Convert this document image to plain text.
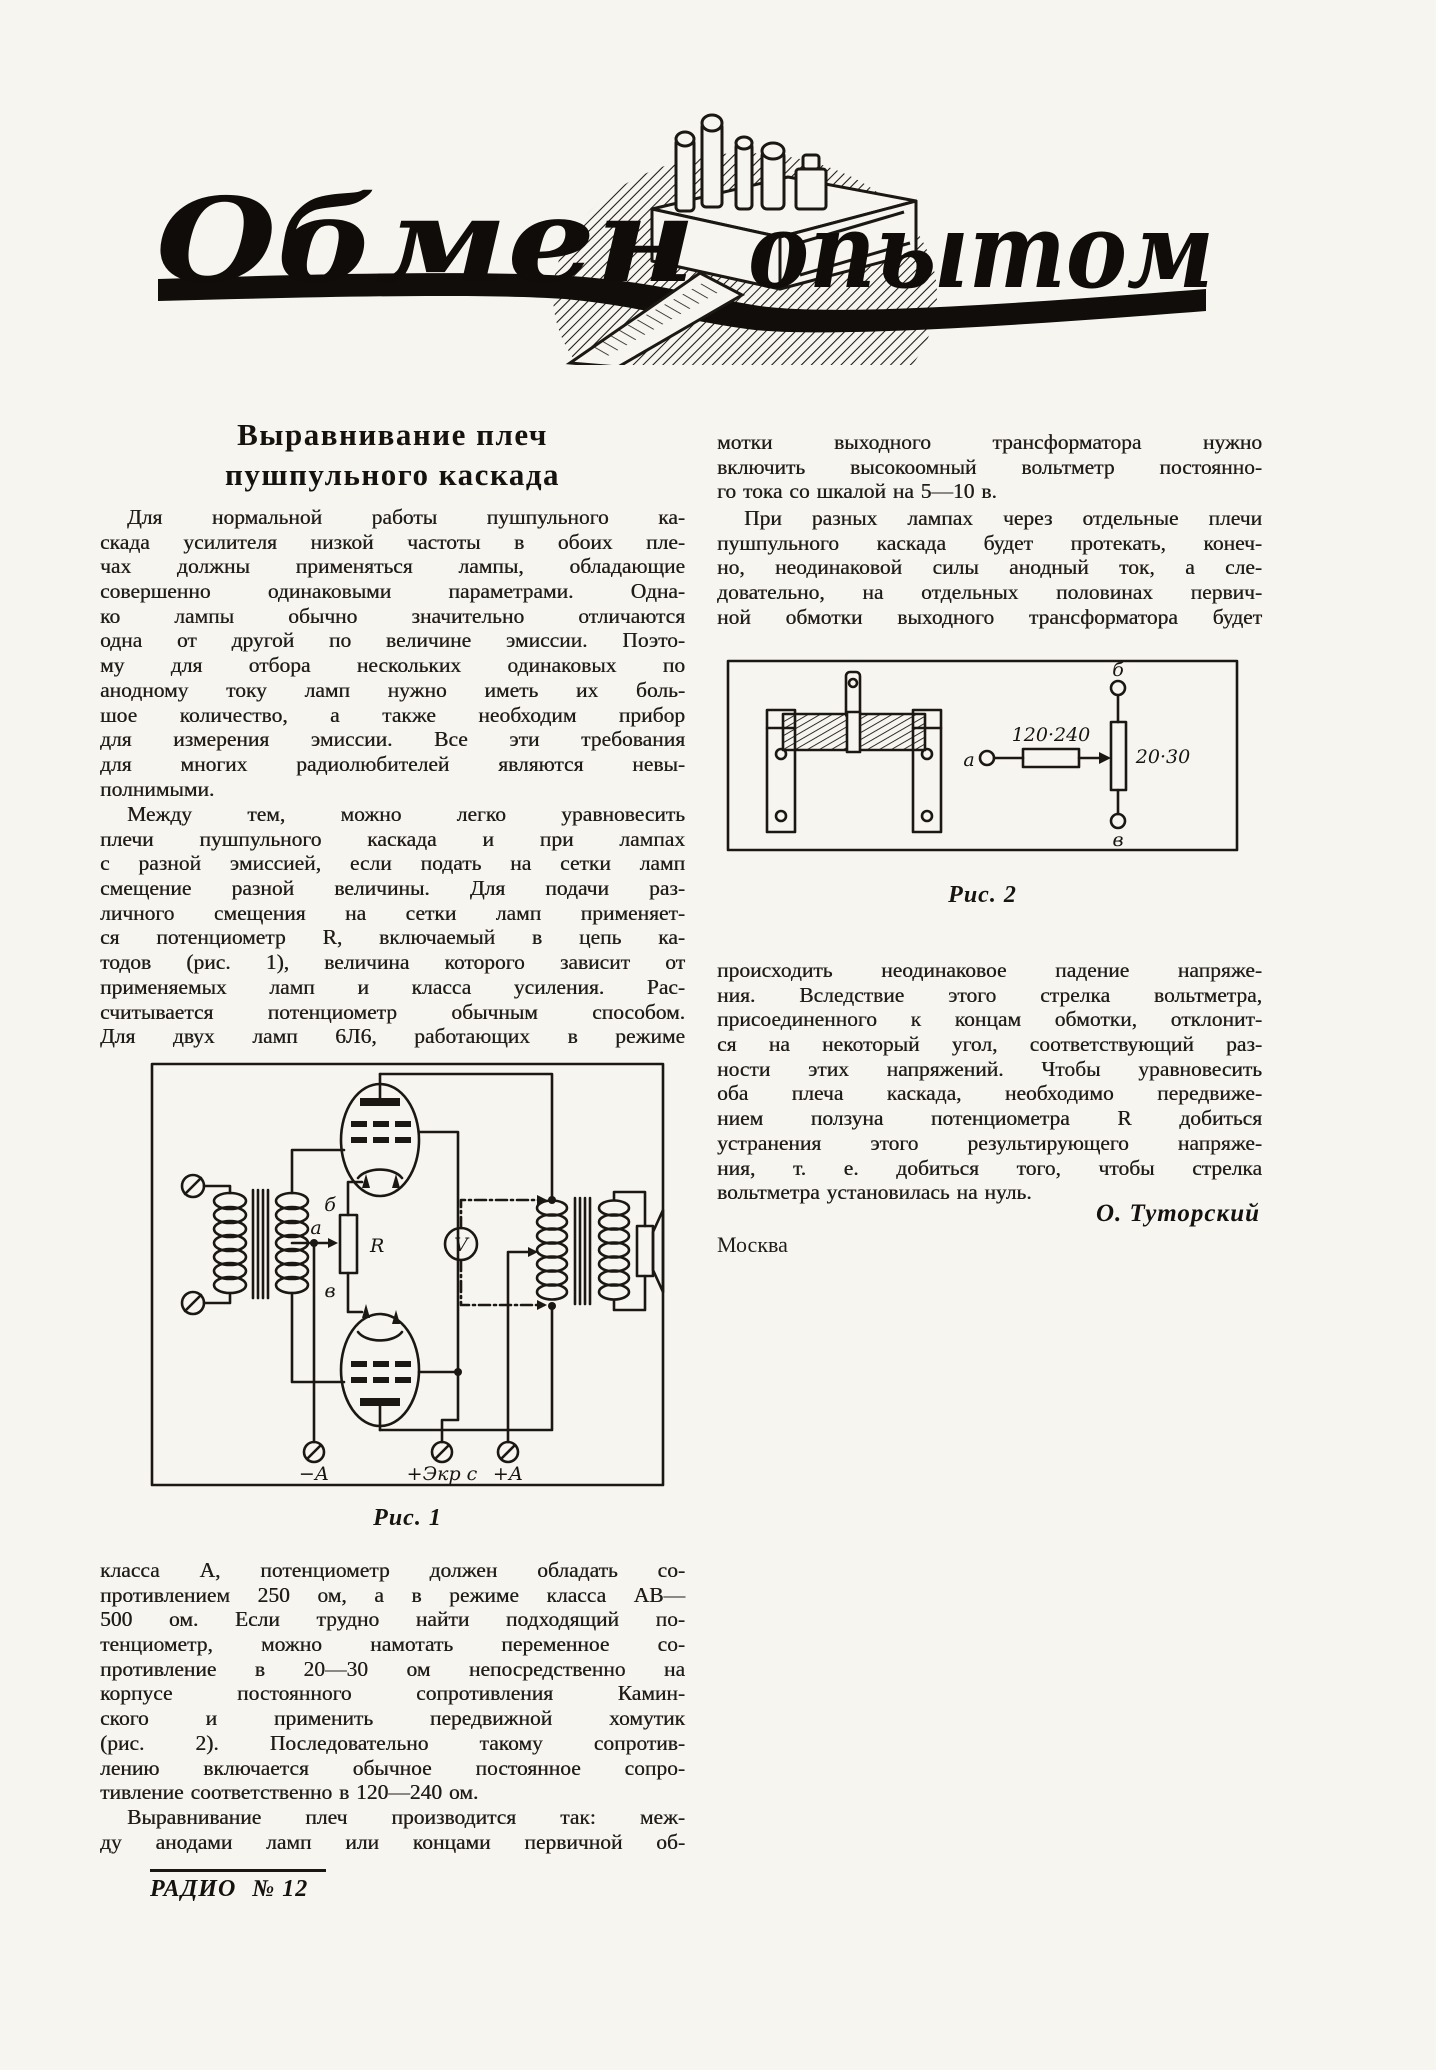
Обмен опытом
Выравнивание плеч
пушпульного каскада
Для нормальной работы пушпульного ка-
скада усилителя низкой частоты в обоих пле-
чах должны применяться лампы, обладающие
совершенно одинаковыми параметрами. Одна-
ко лампы обычно значительно отличаются
одна от другой по величине эмиссии. Поэто-
му для отбора нескольких одинаковых по
анодному току ламп нужно иметь их боль-
шое количество, а также необходим прибор
для измерения эмиссии. Все эти требования
для многих радиолюбителей являются невы-
полнимыми.
Между тем, можно легко уравновесить
плечи пушпульного каскада и при лампах
с разной эмиссией, если подать на сетки ламп
смещение разной величины. Для подачи раз-
личного смещения на сетки ламп применяет-
ся потенциометр R, включаемый в цепь ка-
тодов (рис. 1), величина которого зависит от
применяемых ламп и класса усиления. Рас-
считывается потенциометр обычным способом.
Для двух ламп 6Л6, работающих в режиме
а
б
в
R	V
−А	+Экр с +А
Рис. 1
класса А, потенциометр должен обладать со-
противлением 250 ом, а в режиме класса АВ—
500 ом. Если трудно найти подходящий по-
тенциометр, можно намотать переменное со-
противление в 20—30 ом непосредственно на
корпусе постоянного сопротивления Камин-
ского и применить передвижной хомутик
(рис. 2). Последовательно такому сопротив-
лению включается обычное постоянное сопро-
тивление соответственно в 120—240 ом.
Выравнивание плеч производится так: меж-
ду анодами ламп или концами первичной об-
мотки выходного трансформатора нужно
включить высокоомный вольтметр постоянно-
го тока со шкалой на 5—10 в.
При разных лампах через отдельные плечи
пушпульного каскада будет протекать, конеч-
но, неодинаковой силы анодный ток, а сле-
довательно, на отдельных половинах первич-
ной обмотки выходного трансформатора будет
а
120·240
20·30
б
в
Рис. 2
происходить неодинаковое падение напряже-
ния. Вследствие этого стрелка вольтметра,
присоединенного к концам обмотки, отклонит-
ся на некоторый угол, соответствующий раз-
ности этих напряжений. Чтобы уравновесить
оба плеча каскада, необходимо передвиже-
нием ползуна потенциометра R добиться
устранения этого результирующего напряже-
ния, т. е. добиться того, чтобы стрелка
вольтметра установилась на нуль.
О. Туторский
Москва
РАДИО № 12
